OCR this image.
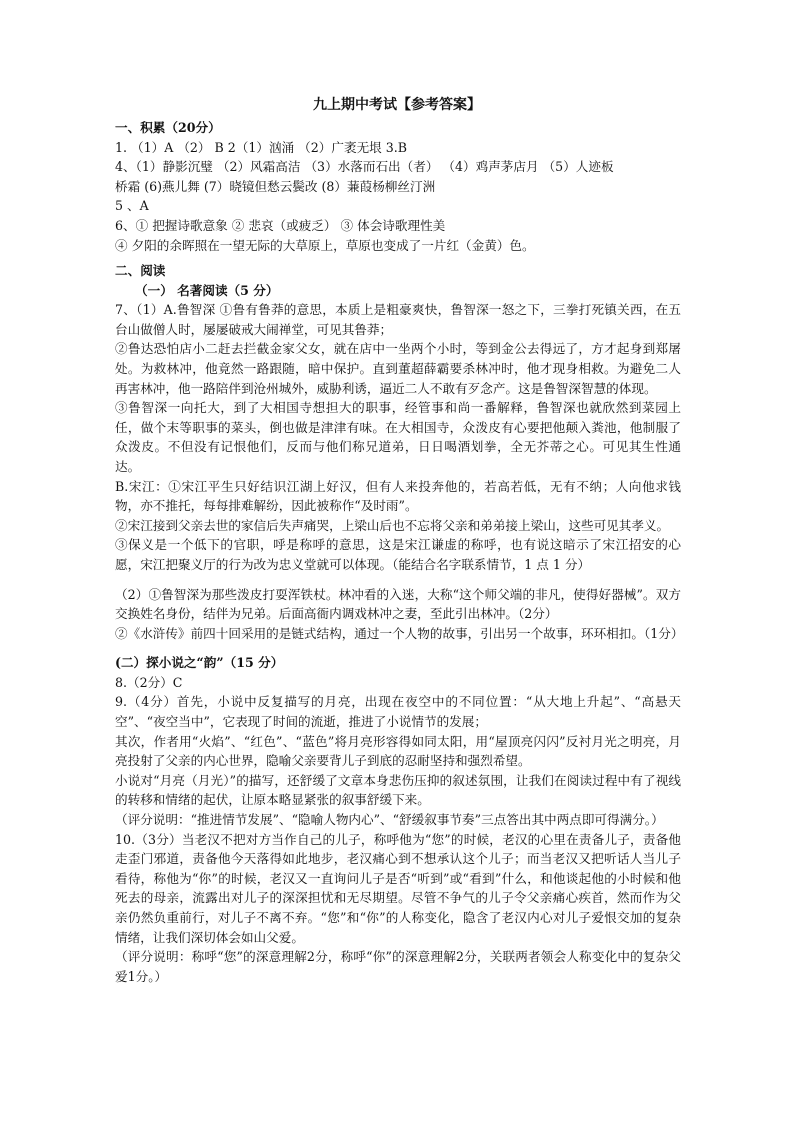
九上期中考试【参考答案】
一、积累（20分）
1. （1）A （2） B 2（1）汹涌 （2）广袤无垠 3.B
4、（1）静影沉璧 （2）风霜高洁 （3）水落而石出（者） （4）鸡声茅店月 （5）人迹板
桥霜 (6)燕儿舞 (7）晓镜但愁云鬓改 (8）蒹葭杨柳丝汀洲
5 、A
6、① 把握诗歌意象 ② 悲哀（或疲乏） ③ 体会诗歌理性美
④ 夕阳的余晖照在一望无际的大草原上，草原也变成了一片红（金黄）色。
二、阅读
（一） 名著阅读（5 分）
7、（1）A.鲁智深 ①鲁有鲁莽的意思，本质上是粗豪爽快，鲁智深一怒之下，三拳打死镇关西，在五台山做僧人时，屡屡破戒大闹禅堂，可见其鲁莽；
②鲁达恐怕店小二赶去拦截金家父女，就在店中一坐两个小时，等到金公去得远了，方才起身到郑屠处。为救林冲，他竟然一路跟随，暗中保护。直到董超薛霸要杀林冲时，他才现身相救。为避免二人再害林冲，他一路陪伴到沧州城外，威胁利诱，逼近二人不敢有歹念产。这是鲁智深智慧的体现。
③鲁智深一向托大，到了大相国寺想担大的职事，经管事和尚一番解释，鲁智深也就欣然到菜园上任，做个末等职事的菜头，倒也做是津津有味。在大相国寺，众泼皮有心要把他颠入粪池，他制服了众泼皮。不但没有记恨他们，反而与他们称兄道弟，日日喝酒划拳，全无芥蒂之心。可见其生性通达。
B.宋江：①宋江平生只好结识江湖上好汉，但有人来投奔他的，若高若低，无有不纳；人向他求钱物，亦不推托，每每排难解纷，因此被称作“及时雨”。
②宋江接到父亲去世的家信后失声痛哭，上梁山后也不忘将父亲和弟弟接上梁山，这些可见其孝义。
③保义是一个低下的官职，呼是称呼的意思，这是宋江谦虚的称呼，也有说这暗示了宋江招安的心愿，宋江把聚义厅的行为改为忠义堂就可以体现。（能结合名字联系情节，1 点 1 分）
（2）①鲁智深为那些泼皮打耍浑铁杖。林冲看的入迷，大称“这个师父端的非凡，使得好器械”。双方交换姓名身份，结伴为兄弟。后面高衙内调戏林冲之妻，至此引出林冲。（2分）
②《水浒传》前四十回采用的是链式结构，通过一个人物的故事，引出另一个故事，环环相扣。（1分）
(二）探小说之“韵”（15 分）
8.（2分）C
9.（4分）首先，小说中反复描写的月亮，出现在夜空中的不同位置：“从大地上升起”、“高悬天空”、“夜空当中”，它表现了时间的流逝，推进了小说情节的发展；
其次，作者用“火焰”、“红色”、“蓝色”将月亮形容得如同太阳，用“屋顶亮闪闪”反衬月光之明亮，月亮投射了父亲的内心世界，隐喻父亲要背儿子到底的忍耐坚持和强烈希望。
小说对“月亮（月光）”的描写，还舒缓了文章本身悲伤压抑的叙述氛围，让我们在阅读过程中有了视线的转移和情绪的起伏，让原本略显紧张的叙事舒缓下来。
（评分说明：“推进情节发展”、“隐喻人物内心”、“舒缓叙事节奏”三点答出其中两点即可得满分。）
10.（3分）当老汉不把对方当作自己的儿子，称呼他为“您”的时候，老汉的心里在责备儿子，责备他走歪门邪道，责备他今天落得如此地步，老汉痛心到不想承认这个儿子；而当老汉又把听话人当儿子看待，称他为“你”的时候，老汉又一直询问儿子是否“听到”或“看到”什么，和他谈起他的小时候和他死去的母亲，流露出对儿子的深深担忧和无尽期望。尽管不争气的儿子令父亲痛心疾首，然而作为父亲仍然负重前行，对儿子不离不弃。“您”和“你”的人称变化，隐含了老汉内心对儿子爱恨交加的复杂情绪，让我们深切体会如山父爱。
（评分说明：称呼“您”的深意理解2分，称呼“你”的深意理解2分，关联两者领会人称变化中的复杂父爱1分。）
